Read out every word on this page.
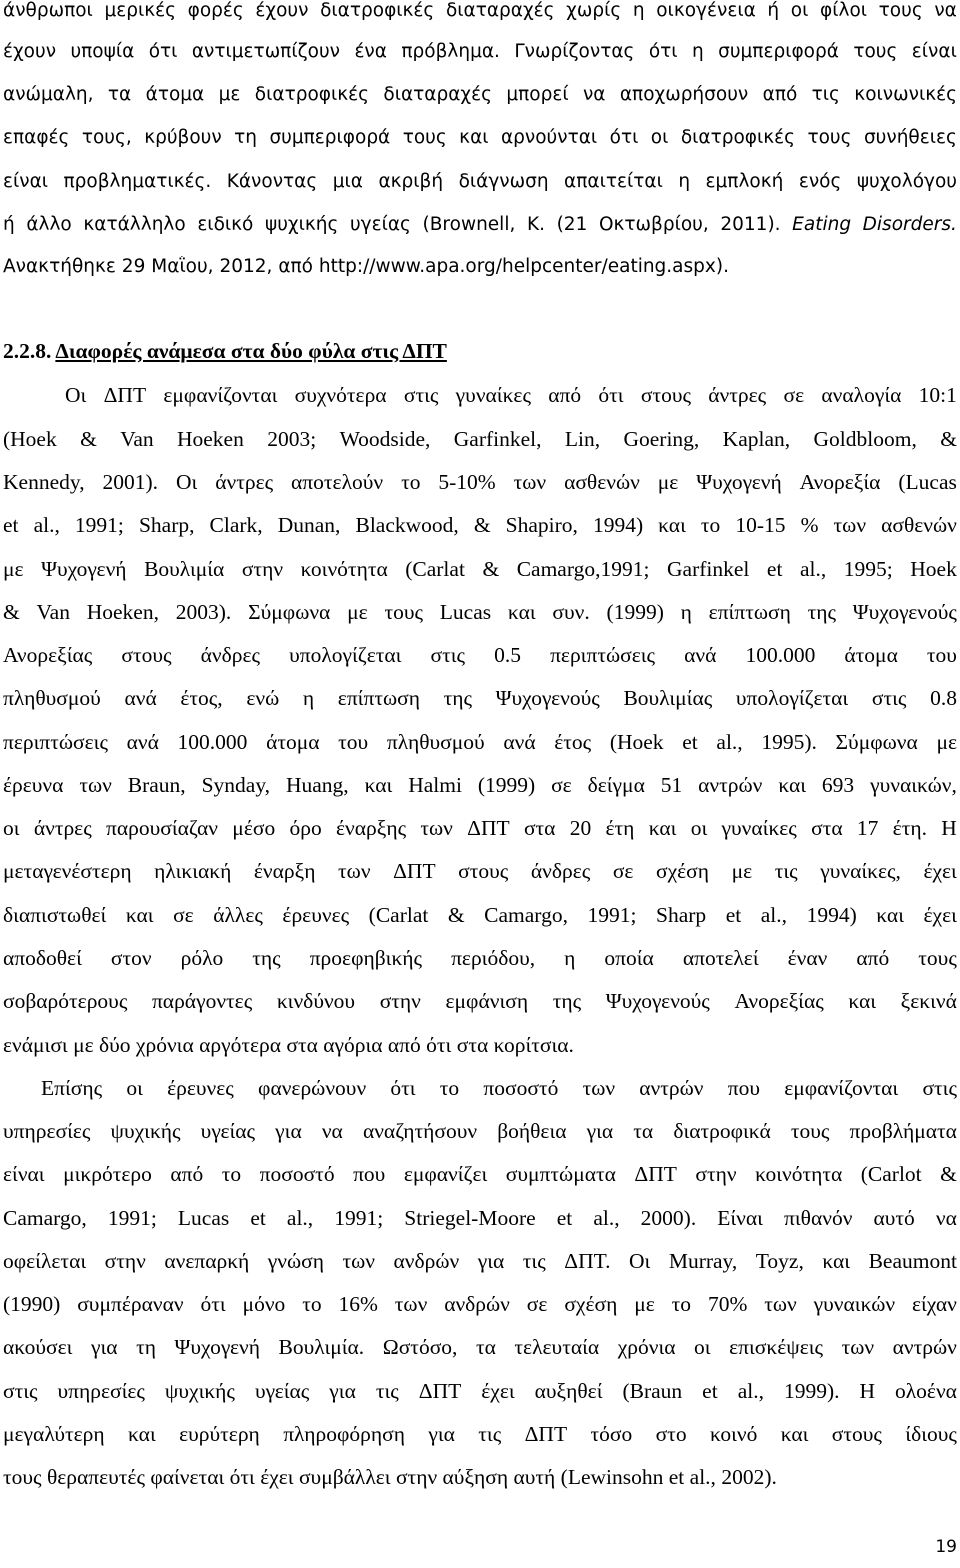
άνθρωποι μερικές φορές έχουν διατροφικές διαταραχές χωρίς η οικογένεια ή οι φίλοι τους να
έχουν υποψία ότι αντιμετωπίζουν ένα πρόβλημα. Γνωρίζοντας ότι η συμπεριφορά τους είναι
ανώμαλη, τα άτομα με διατροφικές διαταραχές μπορεί να αποχωρήσουν από τις κοινωνικές
επαφές τους, κρύβουν τη συμπεριφορά τους και αρνούνται ότι οι διατροφικές τους συνήθειες
είναι προβληματικές. Κάνοντας μια ακριβή διάγνωση απαιτείται η εμπλοκή ενός ψυχολόγου
ή άλλο κατάλληλο ειδικό ψυχικής υγείας (Brownell, K. (21 Οκτωβρίου, 2011). Eating Disorders.
Ανακτήθηκε 29 Μαΐου, 2012, από http://www.apa.org/helpcenter/eating.aspx).
2.2.8. Διαφορές ανάμεσα στα δύο φύλα στις ΔΠΤ
Οι ΔΠΤ εμφανίζονται συχνότερα στις γυναίκες από ότι στους άντρες σε αναλογία 10:1
(Hoek & Van Hoeken 2003; Woodside, Garfinkel, Lin, Goering, Kaplan, Goldbloom, &
Kennedy, 2001). Οι άντρες αποτελούν το 5-10% των ασθενών με Ψυχογενή Ανορεξία (Lucas
et al., 1991; Sharp, Clark, Dunan, Blackwood, & Shapiro, 1994) και το 10-15 % των ασθενών
με Ψυχογενή Βουλιμία στην κοινότητα (Carlat & Camargo,1991; Garfinkel et al., 1995; Hoek
& Van Hoeken, 2003). Σύμφωνα με τους Lucas και συν. (1999) η επίπτωση της Ψυχογενούς
Ανορεξίας στους άνδρες υπολογίζεται στις 0.5 περιπτώσεις ανά 100.000 άτομα του
πληθυσμού ανά έτος, ενώ η επίπτωση της Ψυχογενούς Βουλιμίας υπολογίζεται στις 0.8
περιπτώσεις ανά 100.000 άτομα του πληθυσμού ανά έτος (Hoek et al., 1995). Σύμφωνα με
έρευνα των Braun, Synday, Huang, και Halmi (1999) σε δείγμα 51 αντρών και 693 γυναικών,
οι άντρες παρουσίαζαν μέσο όρο έναρξης των ΔΠΤ στα 20 έτη και οι γυναίκες στα 17 έτη. Η
μεταγενέστερη ηλικιακή έναρξη των ΔΠΤ στους άνδρες σε σχέση με τις γυναίκες, έχει
διαπιστωθεί και σε άλλες έρευνες (Carlat & Camargo, 1991; Sharp et al., 1994) και έχει
αποδοθεί στον ρόλο της προεφηβικής περιόδου, η οποία αποτελεί έναν από τους
σοβαρότερους παράγοντες κινδύνου στην εμφάνιση της Ψυχογενούς Ανορεξίας και ξεκινά
ενάμισι με δύο χρόνια αργότερα στα αγόρια από ότι στα κορίτσια.
Επίσης οι έρευνες φανερώνουν ότι το ποσοστό των αντρών που εμφανίζονται στις
υπηρεσίες ψυχικής υγείας για να αναζητήσουν βοήθεια για τα διατροφικά τους προβλήματα
είναι μικρότερο από το ποσοστό που εμφανίζει συμπτώματα ΔΠΤ στην κοινότητα (Carlot &
Camargo, 1991; Lucas et al., 1991; Striegel-Moore et al., 2000). Είναι πιθανόν αυτό να
οφείλεται στην ανεπαρκή γνώση των ανδρών για τις ΔΠΤ. Οι Murray, Toyz, και Beaumont
(1990) συμπέραναν ότι μόνο το 16% των ανδρών σε σχέση με το 70% των γυναικών είχαν
ακούσει για τη Ψυχογενή Βουλιμία. Ωστόσο, τα τελευταία χρόνια οι επισκέψεις των αντρών
στις υπηρεσίες ψυχικής υγείας για τις ΔΠΤ έχει αυξηθεί (Braun et al., 1999). Η ολοένα
μεγαλύτερη και ευρύτερη πληροφόρηση για τις ΔΠΤ τόσο στο κοινό και στους ίδιους
τους θεραπευτές φαίνεται ότι έχει συμβάλλει στην αύξηση αυτή (Lewinsohn et al., 2002).
19
